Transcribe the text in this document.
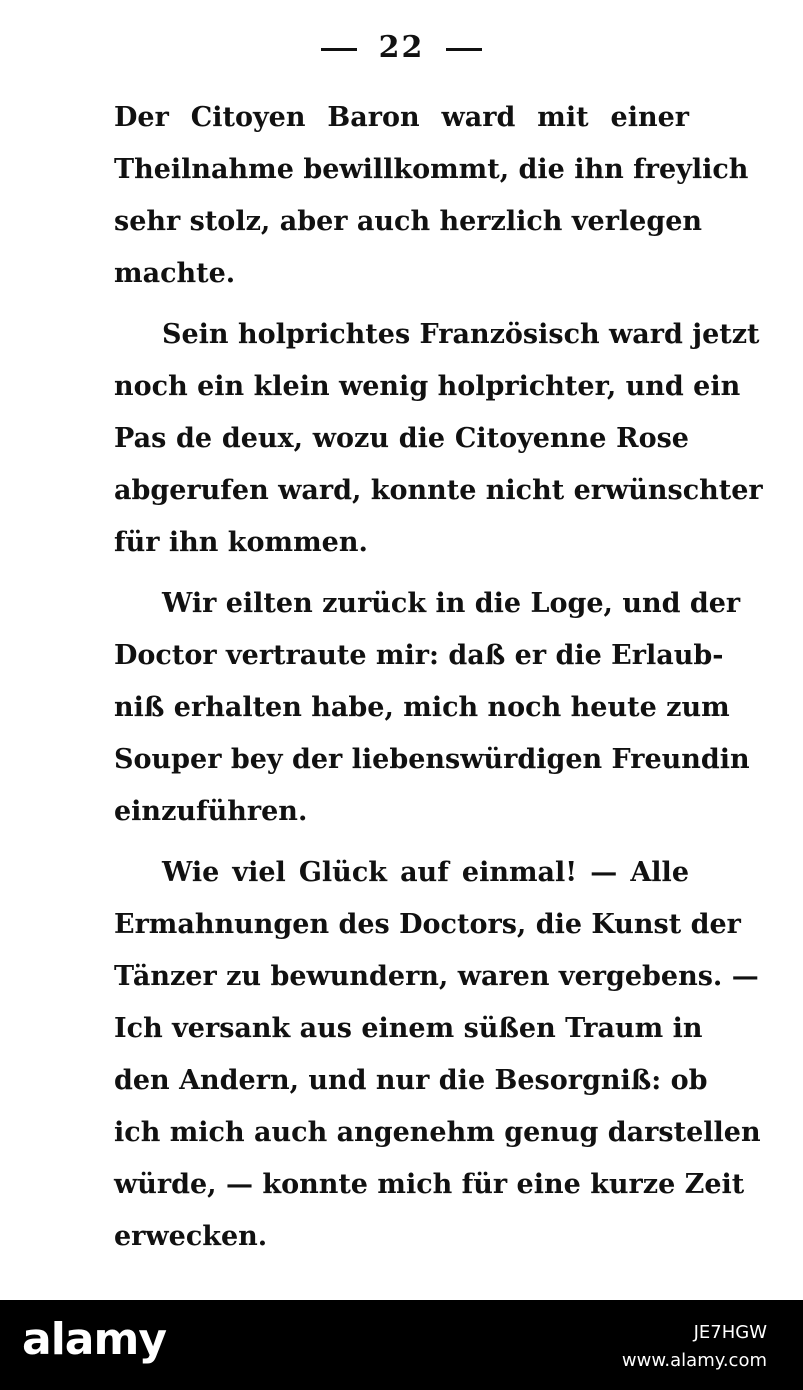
22
Der Citoyen Baron ward mit einer
Theilnahme bewillkommt, die ihn freylich
sehr stolz, aber auch herzlich verlegen
machte.
Sein holprichtes Französisch ward jetzt
noch ein klein wenig holprichter, und ein
Pas de deux, wozu die Citoyenne Rose
abgerufen ward, konnte nicht erwünschter
für ihn kommen.
Wir eilten zurück in die Loge, und der
Doctor vertraute mir: daß er die Erlaub-
niß erhalten habe, mich noch heute zum
Souper bey der liebenswürdigen Freundin
einzuführen.
Wie viel Glück auf einmal! — Alle
Ermahnungen des Doctors, die Kunst der
Tänzer zu bewundern, waren vergebens. —
Ich versank aus einem süßen Traum in
den Andern, und nur die Besorgniß: ob
ich mich auch angenehm genug darstellen
würde, — konnte mich für eine kurze Zeit
erwecken.
alamy	JE7HGW
www.alamy.com
